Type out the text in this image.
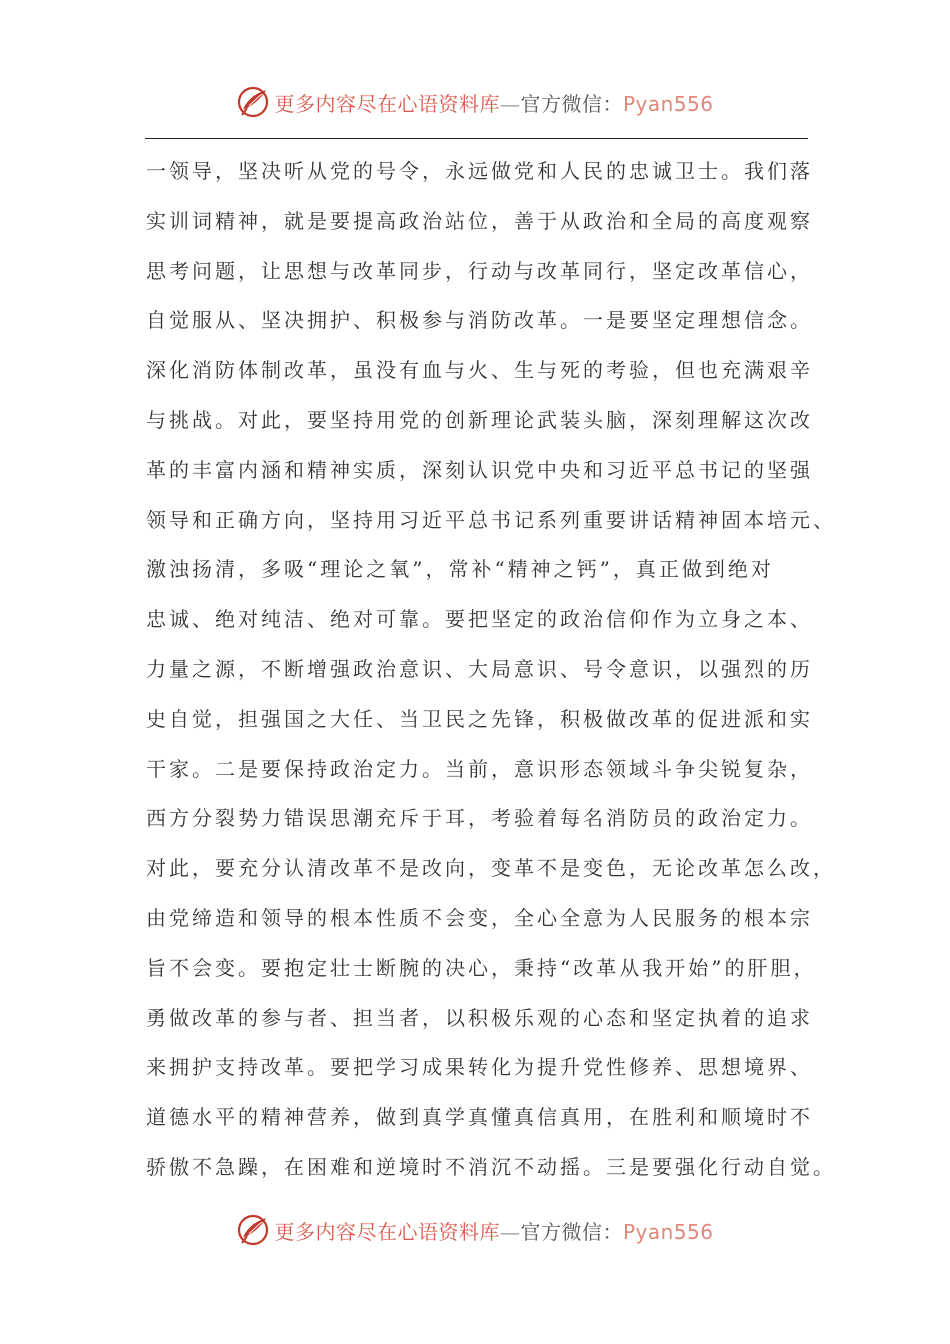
更多内容尽在心语资料库—官方微信：Pyan556
一领导，坚决听从党的号令，永远做党和人民的忠诚卫士。我们落
实训词精神，就是要提高政治站位，善于从政治和全局的高度观察
思考问题，让思想与改革同步，行动与改革同行，坚定改革信心，
自觉服从、坚决拥护、积极参与消防改革。一是要坚定理想信念。
深化消防体制改革，虽没有血与火、生与死的考验，但也充满艰辛
与挑战。对此，要坚持用党的创新理论武装头脑，深刻理解这次改
革的丰富内涵和精神实质，深刻认识党中央和习近平总书记的坚强
领导和正确方向，坚持用习近平总书记系列重要讲话精神固本培元、
激浊扬清，多吸“理论之氧”，常补“精神之钙”，真正做到绝对
忠诚、绝对纯洁、绝对可靠。要把坚定的政治信仰作为立身之本、
力量之源，不断增强政治意识、大局意识、号令意识，以强烈的历
史自觉，担强国之大任、当卫民之先锋，积极做改革的促进派和实
干家。二是要保持政治定力。当前，意识形态领域斗争尖锐复杂，
西方分裂势力错误思潮充斥于耳，考验着每名消防员的政治定力。
对此，要充分认清改革不是改向，变革不是变色，无论改革怎么改，
由党缔造和领导的根本性质不会变，全心全意为人民服务的根本宗
旨不会变。要抱定壮士断腕的决心，秉持“改革从我开始”的肝胆，
勇做改革的参与者、担当者，以积极乐观的心态和坚定执着的追求
来拥护支持改革。要把学习成果转化为提升党性修养、思想境界、
道德水平的精神营养，做到真学真懂真信真用，在胜利和顺境时不
骄傲不急躁，在困难和逆境时不消沉不动摇。三是要强化行动自觉。
更多内容尽在心语资料库—官方微信：Pyan556
